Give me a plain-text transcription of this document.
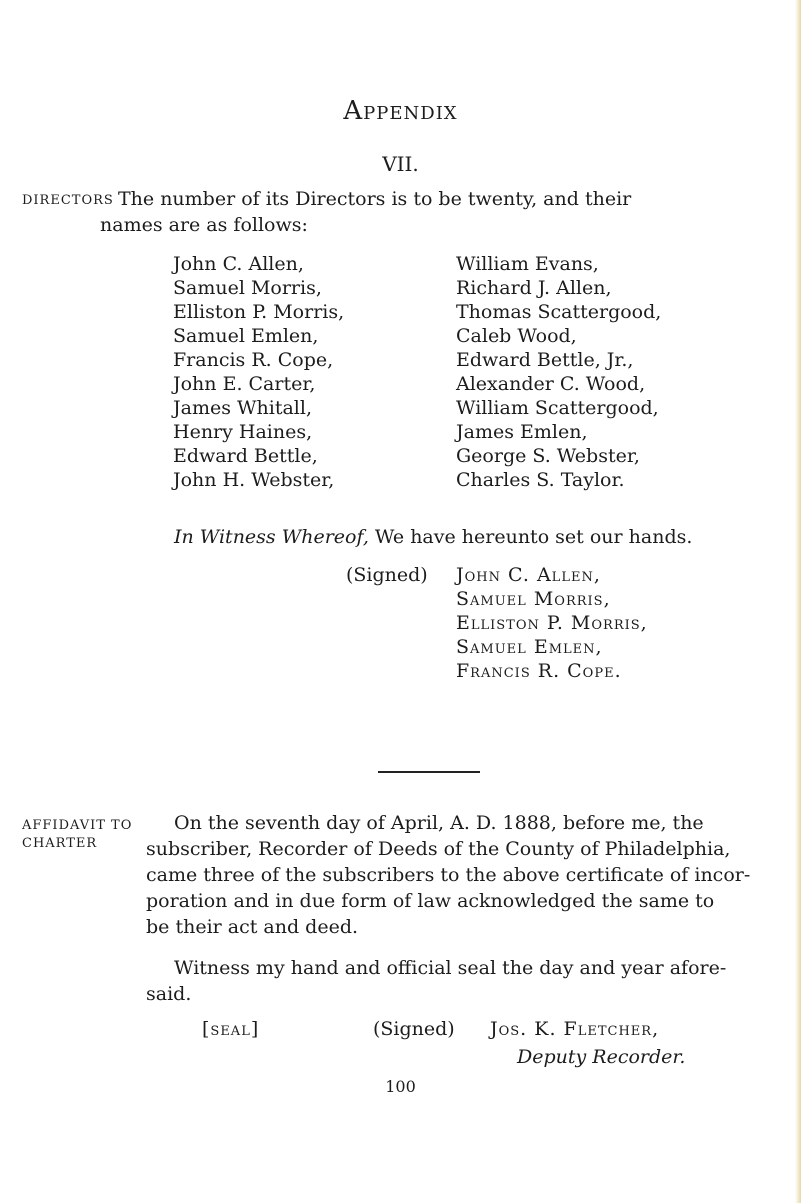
Appendix
VII.
DIRECTORS The number of its Directors is to be twenty, and their
names are as follows:
John C. Allen,
Samuel Morris,
Elliston P. Morris,
Samuel Emlen,
Francis R. Cope,
John E. Carter,
James Whitall,
Henry Haines,
Edward Bettle,
John H. Webster,
William Evans,
Richard J. Allen,
Thomas Scattergood,
Caleb Wood,
Edward Bettle, Jr.,
Alexander C. Wood,
William Scattergood,
James Emlen,
George S. Webster,
Charles S. Taylor.
In Witness Whereof, We have hereunto set our hands.
(Signed) John C. Allen,
Samuel Morris,
Elliston P. Morris,
Samuel Emlen,
Francis R. Cope.
AFFIDAVIT TO
CHARTER
On the seventh day of April, A. D. 1888, before me, the
subscriber, Recorder of Deeds of the County of Philadelphia,
came three of the subscribers to the above certificate of incor-
poration and in due form of law acknowledged the same to
be their act and deed.
Witness my hand and official seal the day and year afore-
said.
[seal]	(Signed) Jos. K. Fletcher,
Deputy Recorder.
100
